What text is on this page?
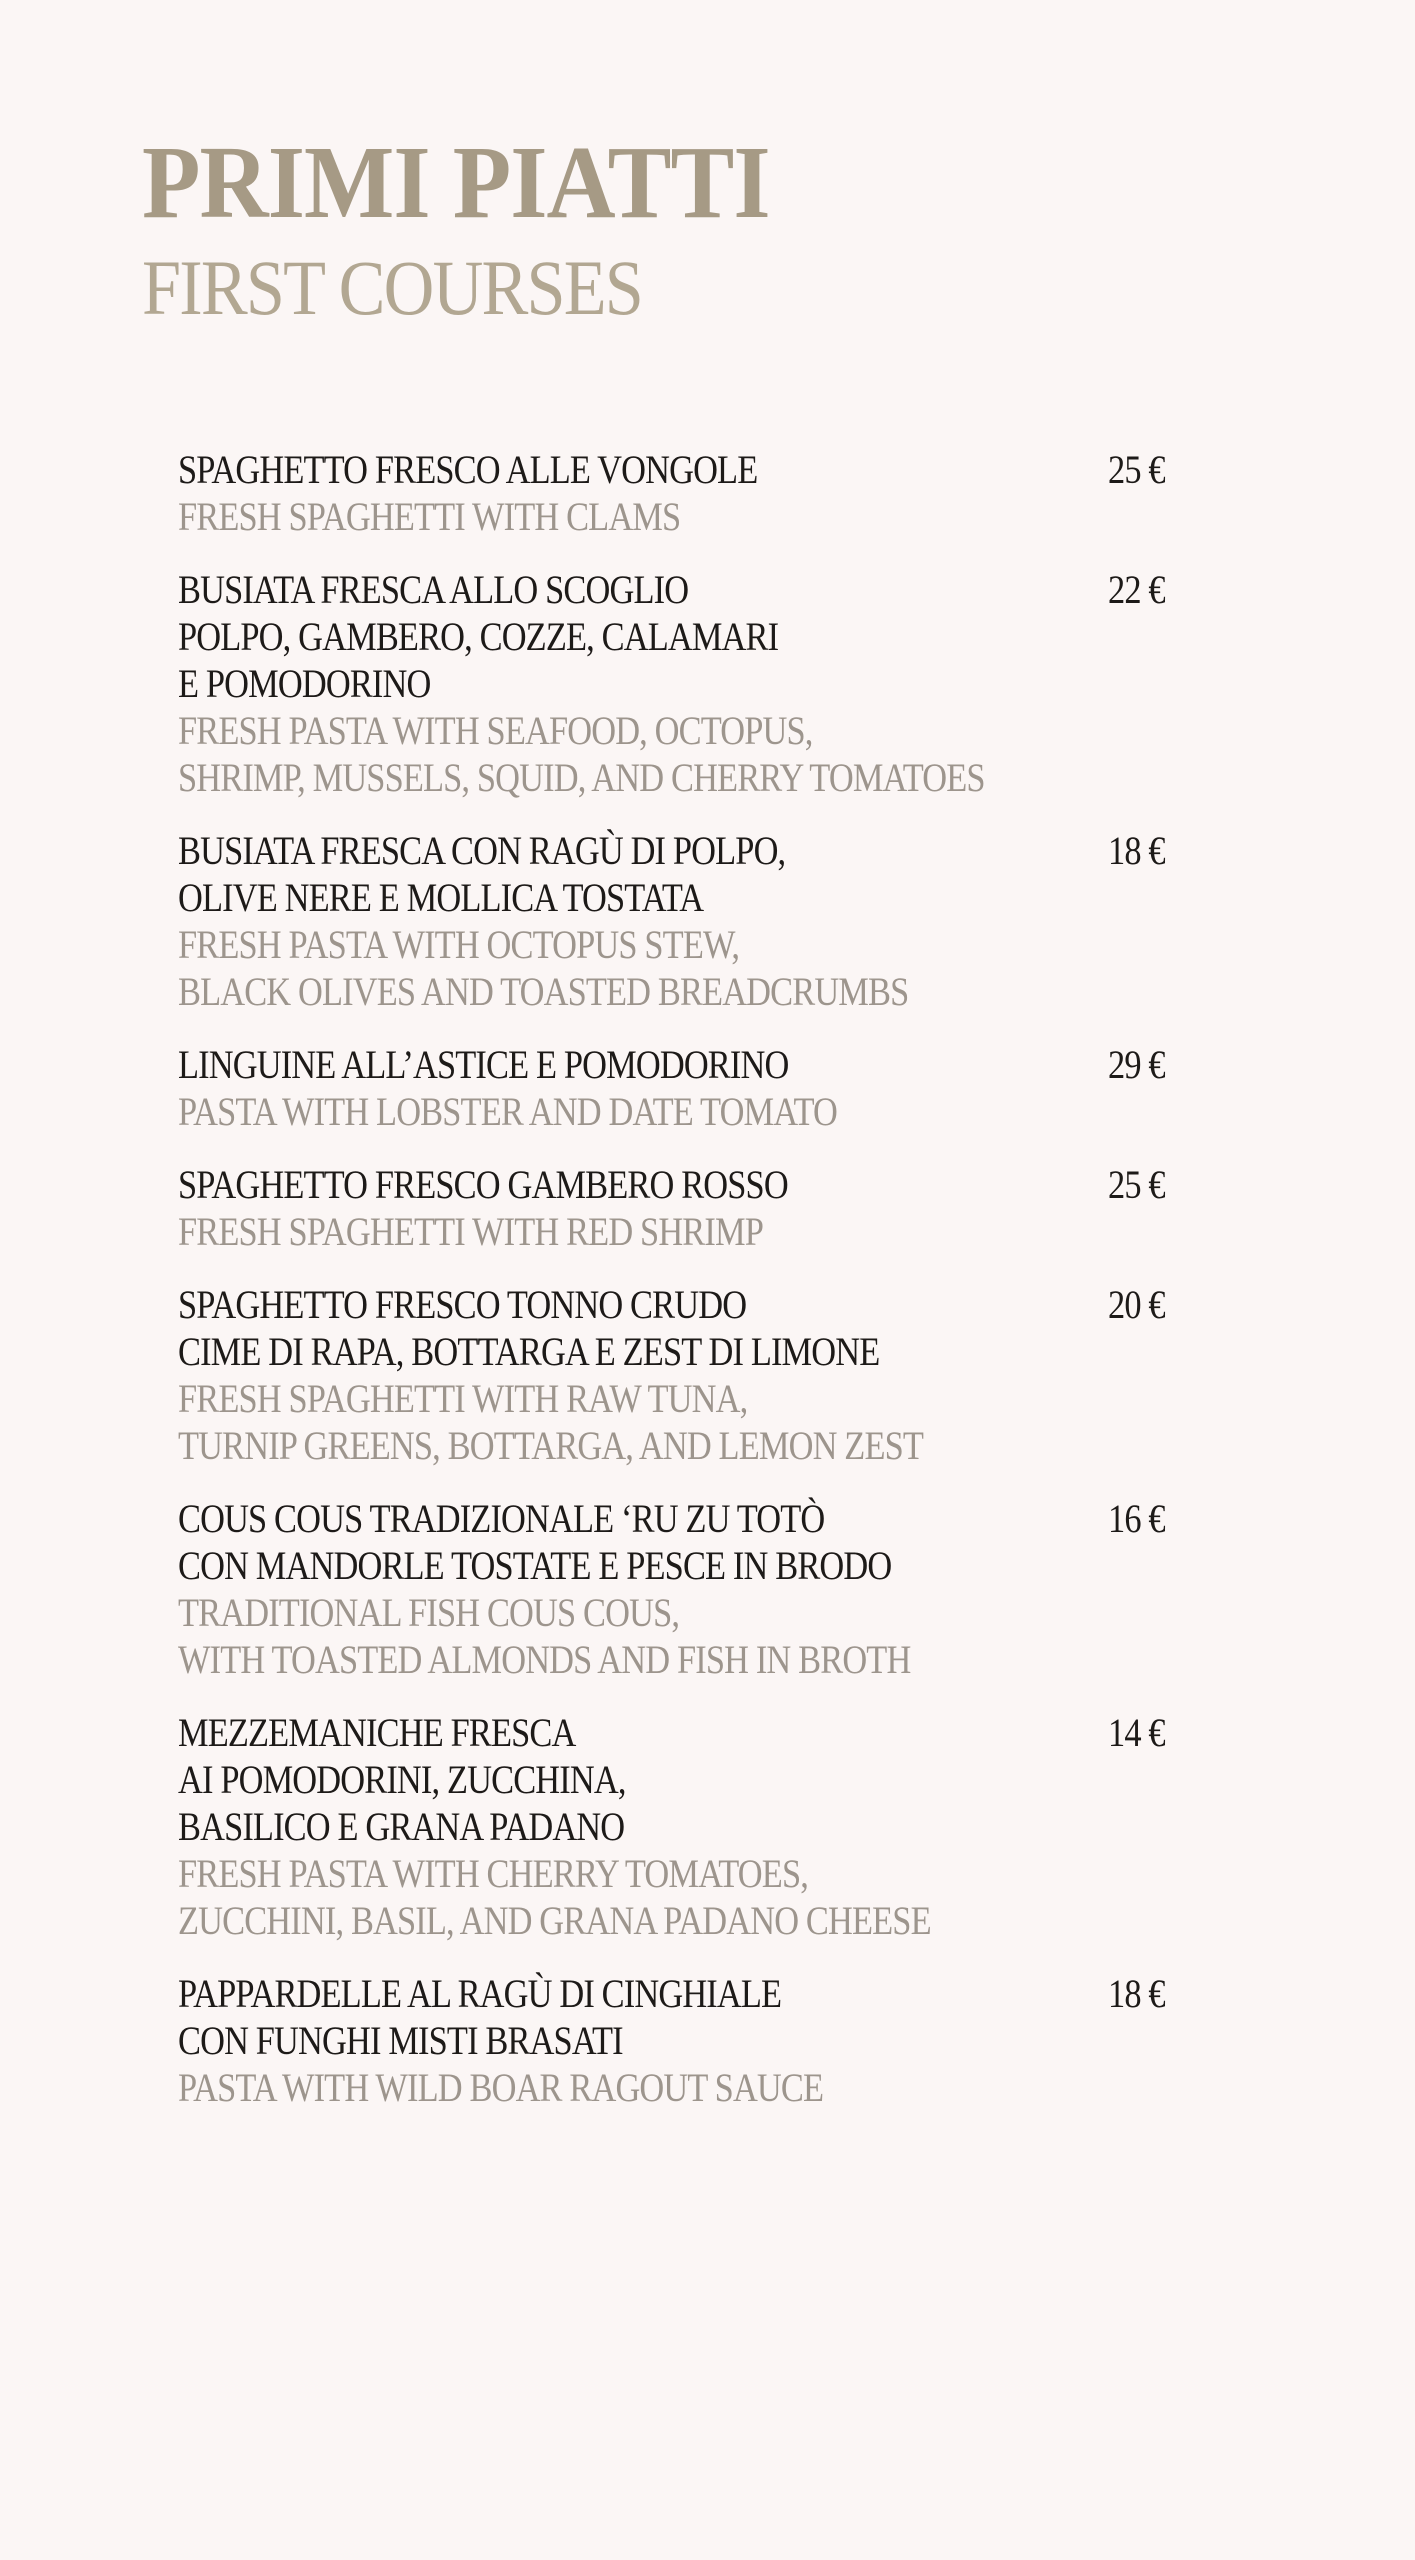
PRIMI PIATTI
FIRST COURSES
SPAGHETTO FRESCO ALLE VONGOLE
FRESH SPAGHETTI WITH CLAMS
25 €
BUSIATA FRESCA ALLO SCOGLIO
POLPO, GAMBERO, COZZE, CALAMARI
E POMODORINO
FRESH PASTA WITH SEAFOOD, OCTOPUS,
SHRIMP, MUSSELS, SQUID, AND CHERRY TOMATOES
22 €
BUSIATA FRESCA CON RAGÙ DI POLPO,
OLIVE NERE E MOLLICA TOSTATA
FRESH PASTA WITH OCTOPUS STEW,
BLACK OLIVES AND TOASTED BREADCRUMBS
18 €
LINGUINE ALL’ASTICE E POMODORINO
PASTA WITH LOBSTER AND DATE TOMATO
29 €
SPAGHETTO FRESCO GAMBERO ROSSO
FRESH SPAGHETTI WITH RED SHRIMP
25 €
SPAGHETTO FRESCO TONNO CRUDO
CIME DI RAPA, BOTTARGA E ZEST DI LIMONE
FRESH SPAGHETTI WITH RAW TUNA,
TURNIP GREENS, BOTTARGA, AND LEMON ZEST
20 €
COUS COUS TRADIZIONALE ‘RU ZU TOTÒ
CON MANDORLE TOSTATE E PESCE IN BRODO
TRADITIONAL FISH COUS COUS,
WITH TOASTED ALMONDS AND FISH IN BROTH
16 €
MEZZEMANICHE FRESCA
AI POMODORINI, ZUCCHINA,
BASILICO E GRANA PADANO
FRESH PASTA WITH CHERRY TOMATOES,
ZUCCHINI, BASIL, AND GRANA PADANO CHEESE
14 €
PAPPARDELLE AL RAGÙ DI CINGHIALE
CON FUNGHI MISTI BRASATI
PASTA WITH WILD BOAR RAGOUT SAUCE
18 €
